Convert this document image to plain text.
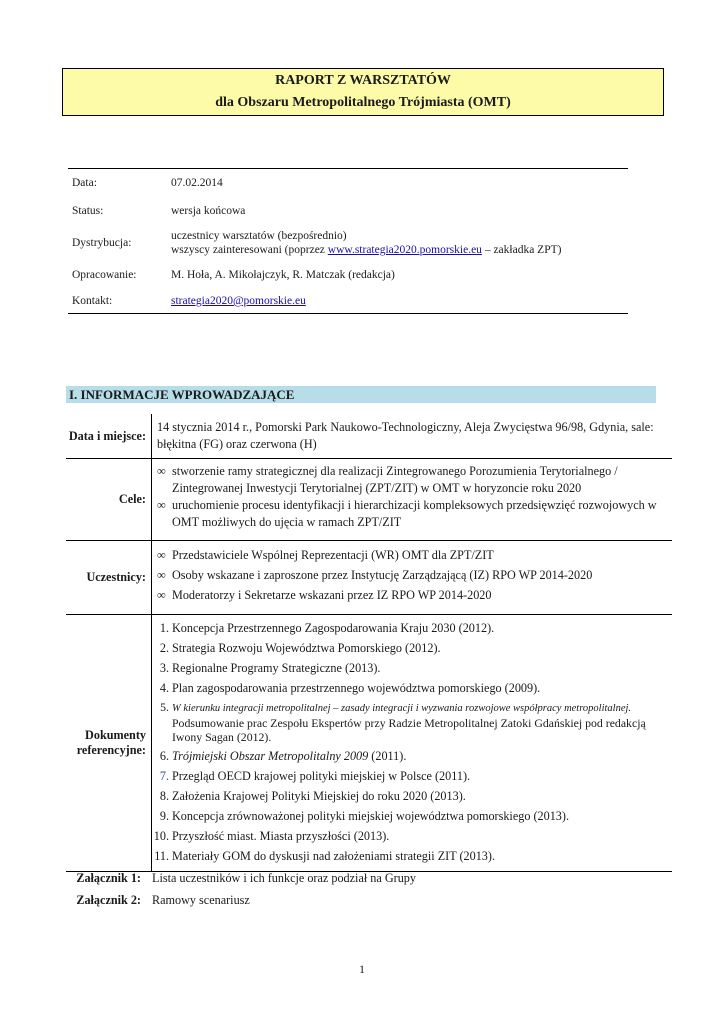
RAPORT Z WARSZTATÓW
dla Obszaru Metropolitalnego Trójmiasta (OMT)
Data:	07.02.2014
Status:	wersja końcowa
Dystrybucja:
uczestnicy warsztatów (bezpośrednio)
wszyscy zainteresowani (poprzez www.strategia2020.pomorskie.eu – zakładka ZPT)
Opracowanie:	M. Hoła, A. Mikołajczyk, R. Matczak (redakcja)
Kontakt:	strategia2020@pomorskie.eu
I. INFORMACJE WPROWADZAJĄCE
Data i miejsce:
14 stycznia 2014 r., Pomorski Park Naukowo-Technologiczny, Aleja Zwycięstwa 96/98, Gdynia, sale: błękitna (FG) oraz czerwona (H)
Cele:
∞ stworzenie ramy strategicznej dla realizacji Zintegrowanego Porozumienia Terytorialnego / Zintegrowanej Inwestycji Terytorialnej (ZPT/ZIT) w OMT w horyzoncie roku 2020
∞ uruchomienie procesu identyfikacji i hierarchizacji kompleksowych przedsięwzięć rozwojowych w OMT możliwych do ujęcia w ramach ZPT/ZIT
Uczestnicy:
∞ Przedstawiciele Wspólnej Reprezentacji (WR) OMT dla ZPT/ZIT
∞ Osoby wskazane i zaproszone przez Instytucję Zarządzającą (IZ) RPO WP 2014-2020
∞ Moderatorzy i Sekretarze wskazani przez IZ RPO WP 2014-2020
Dokumenty referencyjne:
1. Koncepcja Przestrzennego Zagospodarowania Kraju 2030 (2012).
2. Strategia Rozwoju Województwa Pomorskiego (2012).
3. Regionalne Programy Strategiczne (2013).
4. Plan zagospodarowania przestrzennego województwa pomorskiego (2009).
5. W kierunku integracji metropolitalnej – zasady integracji i wyzwania rozwojowe współpracy metropolitalnej. Podsumowanie prac Zespołu Ekspertów przy Radzie Metropolitalnej Zatoki Gdańskiej pod redakcją Iwony Sagan (2012).
6. Trójmiejski Obszar Metropolitalny 2009 (2011).
7. Przegląd OECD krajowej polityki miejskiej w Polsce (2011).
8. Założenia Krajowej Polityki Miejskiej do roku 2020 (2013).
9. Koncepcja zrównoważonej polityki miejskiej województwa pomorskiego (2013).
10. Przyszłość miast. Miasta przyszłości (2013).
11. Materiały GOM do dyskusji nad założeniami strategii ZIT (2013).
Załącznik 1: Lista uczestników i ich funkcje oraz podział na Grupy
Załącznik 2: Ramowy scenariusz
1
